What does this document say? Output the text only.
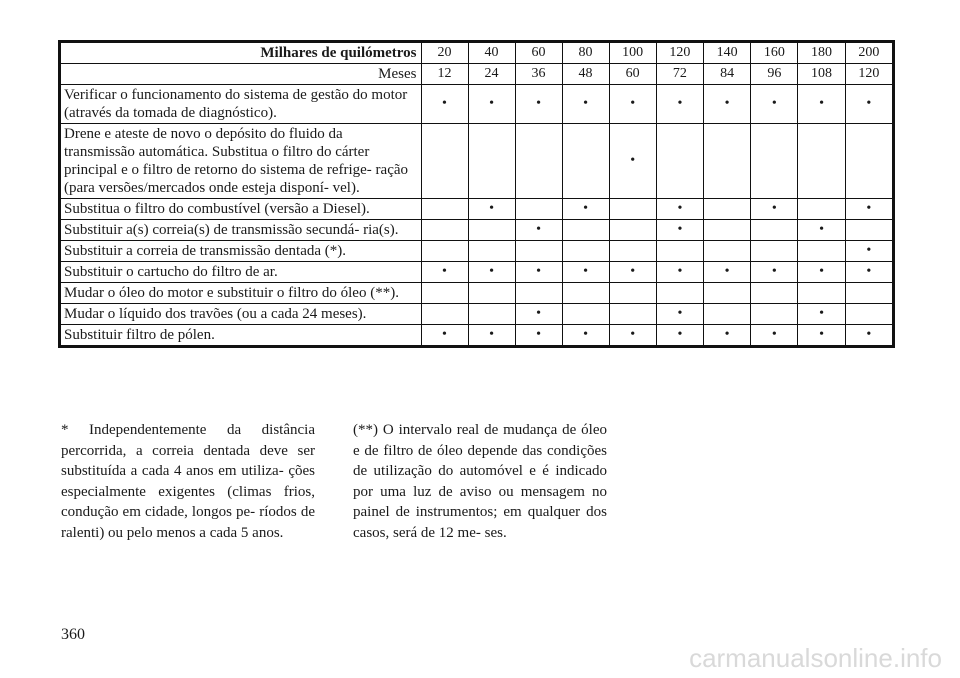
Milhares de quilómetros	20	40	60	80	100	120	140	160	180	200
Meses	12	24	36	48	60	72	84	96	108	120
Verificar o funcionamento do sistema de gestão do motor (através da tomada de diagnóstico).	•	•	•	•	•	•	•	•	•	•
Drene e ateste de novo o depósito do fluido da transmissão automática. Substitua o filtro do cárter principal e o filtro de retorno do sistema de refrige- ração (para versões/mercados onde esteja disponí- vel).					•					
Substitua o filtro do combustível (versão a Diesel).		•		•		•		•		•
Substituir a(s) correia(s) de transmissão secundá- ria(s).			•			•			•	
Substituir a correia de transmissão dentada (*).										•
Substituir o cartucho do filtro de ar.	•	•	•	•	•	•	•	•	•	•
Mudar o óleo do motor e substituir o filtro do óleo (**).										
Mudar o líquido dos travões (ou a cada 24 meses).			•			•			•	
Substituir filtro de pólen.	•	•	•	•	•	•	•	•	•	•
* Independentemente da distância percorrida, a correia dentada deve ser substituída a cada 4 anos em utiliza- ções especialmente exigentes (climas frios, condução em cidade, longos pe- ríodos de ralenti) ou pelo menos a cada 5 anos.
(**) O intervalo real de mudança de óleo e de filtro de óleo depende das condições de utilização do automóvel e é indicado por uma luz de aviso ou mensagem no painel de instrumentos; em qualquer dos casos, será de 12 me- ses.
360
carmanualsonline.info
